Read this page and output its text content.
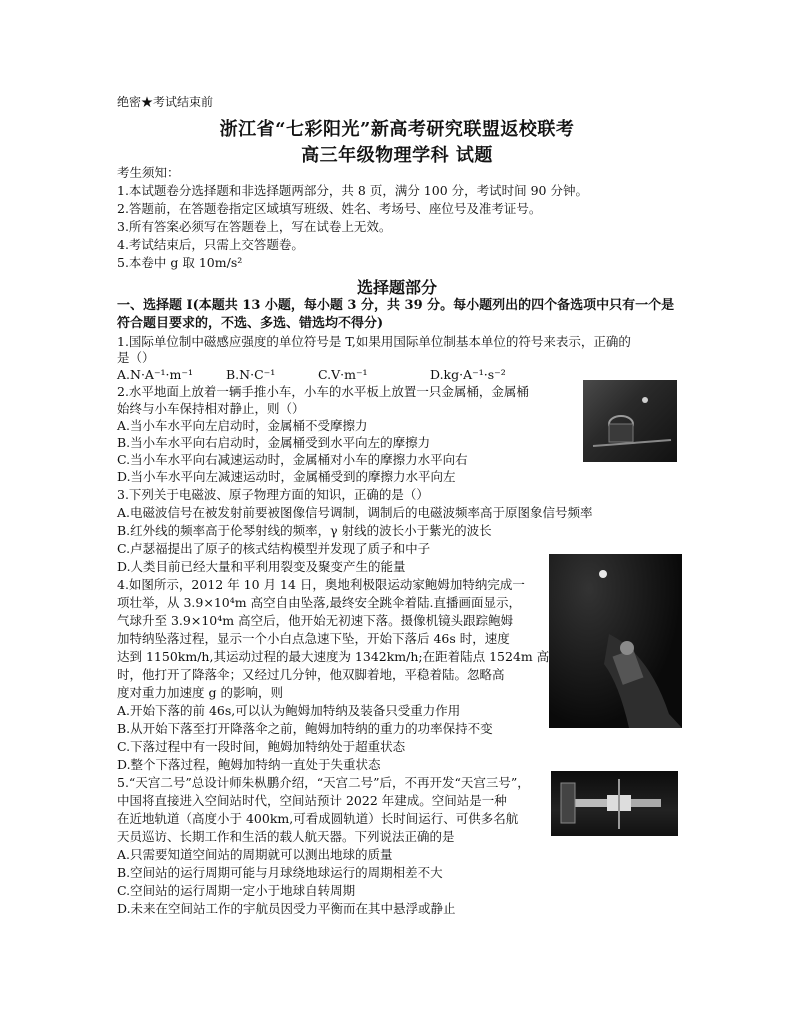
绝密★考试结束前
浙江省“七彩阳光”新高考研究联盟返校联考
高三年级物理学科 试题
考生须知：
1.本试题卷分选择题和非选择题两部分，共 8 页，满分 100 分，考试时间 90 分钟。
2.答题前，在答题卷指定区域填写班级、姓名、考场号、座位号及准考证号。
3.所有答案必须写在答题卷上，写在试卷上无效。
4.考试结束后，只需上交答题卷。
5.本卷中 g 取 10m/s²
选择题部分
一、选择题 I(本题共 13 小题，每小题 3 分，共 39 分。每小题列出的四个备选项中只有一个是
符合题目要求的，不选、多选、错选均不得分)
1.国际单位制中磁感应强度的单位符号是 T,如果用国际单位制基本单位的符号来表示，正确的
是（）
A.N·A⁻¹·m⁻¹	B.N·C⁻¹	C.V·m⁻¹	D.kg·A⁻¹·s⁻²
2.水平地面上放着一辆手推小车，小车的水平板上放置一只金属桶，金属桶
始终与小车保持相对静止，则（）
A.当小车水平向左启动时，金属桶不受摩擦力
B.当小车水平向右启动时，金属桶受到水平向左的摩擦力
C.当小车水平向右减速运动时，金属桶对小车的摩擦力水平向右
D.当小车水平向左减速运动时，金属桶受到的摩擦力水平向左
3.下列关于电磁波、原子物理方面的知识，正确的是（）
A.电磁波信号在被发射前要被图像信号调制，调制后的电磁波频率高于原图象信号频率
B.红外线的频率高于伦琴射线的频率，γ 射线的波长小于紫光的波长
C.卢瑟福提出了原子的核式结构模型并发现了质子和中子
D.人类目前已经大量和平利用裂变及聚变产生的能量
4.如图所示，2012 年 10 月 14 日，奥地利极限运动家鲍姆加特纳完成一
项壮举，从 3.9×10⁴m 高空自由坠落,最终安全跳伞着陆.直播画面显示，
气球升至 3.9×10⁴m 高空后，他开始无初速下落。摄像机镜头跟踪鲍姆
加特纳坠落过程，显示一个小白点急速下坠，开始下落后 46s 时，速度
达到 1150km/h,其运动过程的最大速度为 1342km/h;在距着陆点 1524m 高
时，他打开了降落伞；又经过几分钟，他双脚着地，平稳着陆。忽略高
度对重力加速度 g 的影响，则
A.开始下落的前 46s,可以认为鲍姆加特纳及装备只受重力作用
B.从开始下落至打开降落伞之前，鲍姆加特纳的重力的功率保持不变
C.下落过程中有一段时间，鲍姆加特纳处于超重状态
D.整个下落过程，鲍姆加特纳一直处于失重状态
5.“天宫二号”总设计师朱枞鹏介绍，“天宫二号”后，不再开发“天宫三号”，
中国将直接进入空间站时代，空间站预计 2022 年建成。空间站是一种
在近地轨道（高度小于 400km,可看成圆轨道）长时间运行、可供多名航
天员巡访、长期工作和生活的载人航天器。下列说法正确的是
A.只需要知道空间站的周期就可以测出地球的质量
B.空间站的运行周期可能与月球绕地球运行的周期相差不大
C.空间站的运行周期一定小于地球自转周期
D.未来在空间站工作的宇航员因受力平衡而在其中悬浮或静止
